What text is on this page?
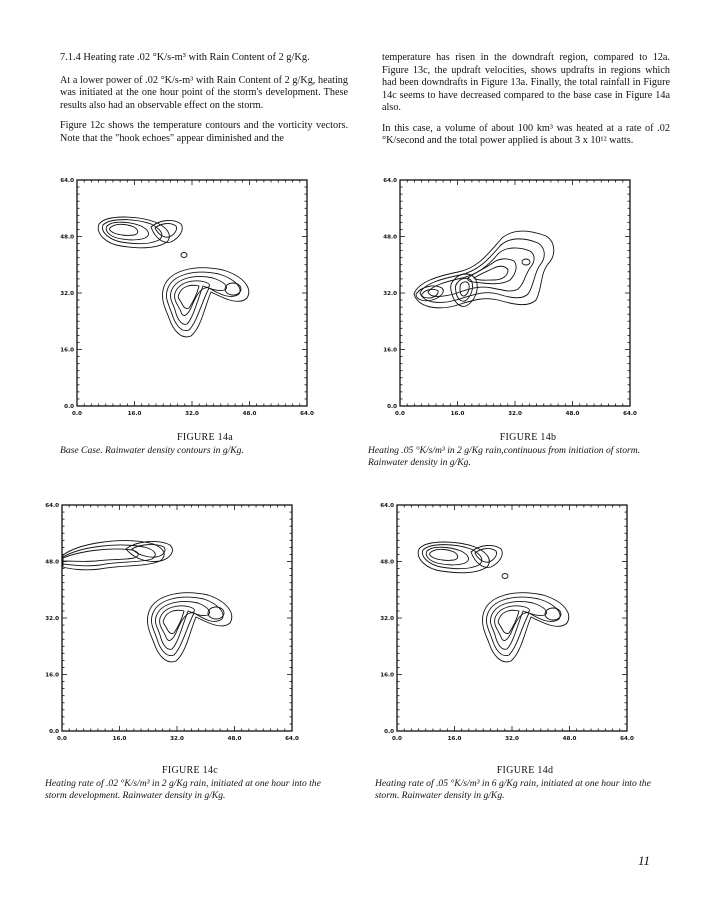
7.1.4 Heating rate .02 °K/s-m³ with Rain Content of 2 g/Kg.

At a lower power of .02 °K/s-m³ with Rain Content of 2 g/Kg, heating was initiated at the one hour point of the storm's development. These results also had an observable effect on the storm.

Figure 12c shows the temperature contours and the vorticity vectors. Note that the "hook echoes" appear diminished and the

temperature has risen in the downdraft region, compared to 12a. Figure 13c, the updraft velocities, shows updrafts in regions which had been downdrafts in Figure 13a. Finally, the total rainfall in Figure 14c seems to have decreased compared to the base case in Figure 14a also.

In this case, a volume of about 100 km³ was heated at a rate of .02 °K/second and the total power applied is about 3 x 10¹² watts.

0.0	16.0	32.0	48.0	64.0
0.0
16.0
32.0
48.0
64.0
FIGURE 14a
Base Case. Rainwater density contours in g/Kg.
0.0	16.0	32.0	48.0	64.0
0.0
16.0
32.0
48.0
64.0
FIGURE 14b
Heating .05 °K/s/m³ in 2 g/Kg rain,continuous from initiation of storm. Rainwater density in g/Kg.
0.0	16.0	32.0	48.0	64.0
0.0
16.0
32.0
48.0
64.0
FIGURE 14c
Heating rate of .02 °K/s/m³ in 2 g/Kg rain, initiated at one hour into the storm development. Rainwater density in g/Kg.
0.0	16.0	32.0	48.0	64.0
0.0
16.0
32.0
48.0
64.0
FIGURE 14d
Heating rate of .05 °K/s/m³ in 6 g/Kg rain, initiated at one hour into the storm. Rainwater density in g/Kg.
11
